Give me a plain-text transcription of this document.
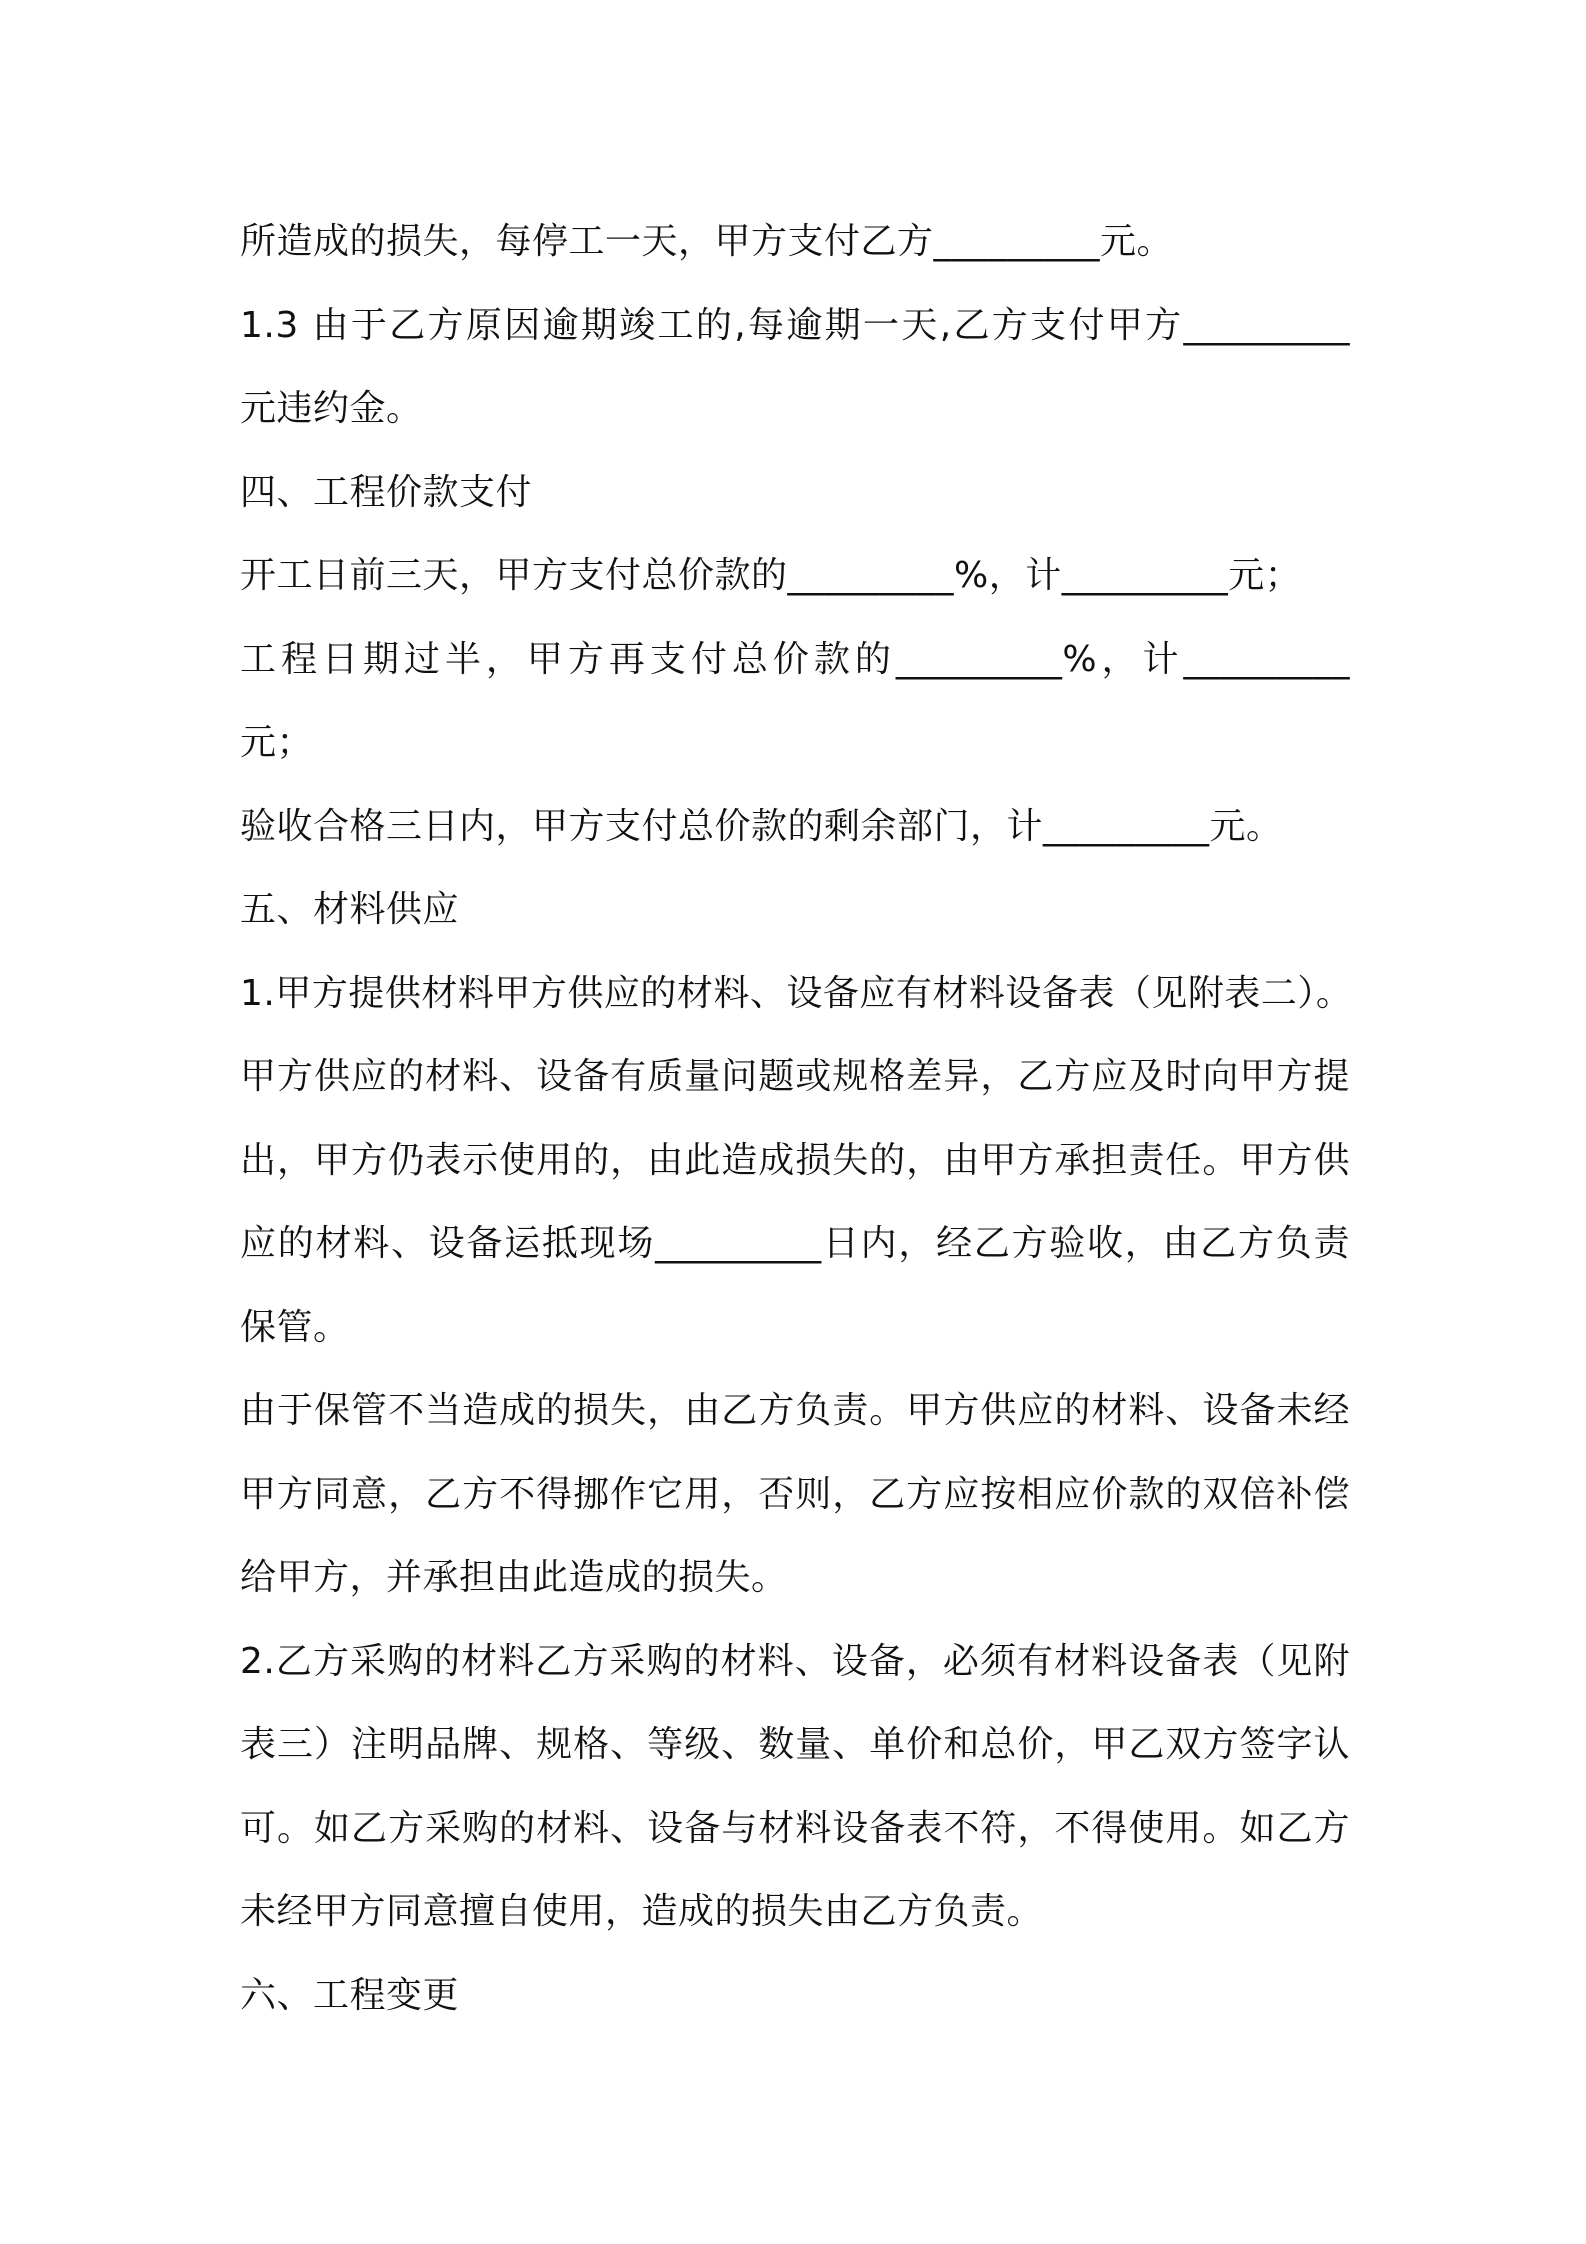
所造成的损失，每停工一天，甲方支付乙方_________元。
1.3 由于乙方原因逾期竣工的,每逾期一天,乙方支付甲方_________
元违约金。
四、工程价款支付
开工日前三天，甲方支付总价款的_________%，计_________元；
工程日期过半，甲方再支付总价款的_________%，计_________
元；
验收合格三日内，甲方支付总价款的剩余部门，计_________元。
五、材料供应
1.甲方提供材料甲方供应的材料、设备应有材料设备表（见附表二）。
甲方供应的材料、设备有质量问题或规格差异，乙方应及时向甲方提
出，甲方仍表示使用的，由此造成损失的，由甲方承担责任。甲方供
应的材料、设备运抵现场_________日内，经乙方验收，由乙方负责
保管。
由于保管不当造成的损失，由乙方负责。甲方供应的材料、设备未经
甲方同意，乙方不得挪作它用，否则，乙方应按相应价款的双倍补偿
给甲方，并承担由此造成的损失。
2.乙方采购的材料乙方采购的材料、设备，必须有材料设备表（见附
表三）注明品牌、规格、等级、数量、单价和总价，甲乙双方签字认
可。如乙方采购的材料、设备与材料设备表不符，不得使用。如乙方
未经甲方同意擅自使用，造成的损失由乙方负责。
六、工程变更
